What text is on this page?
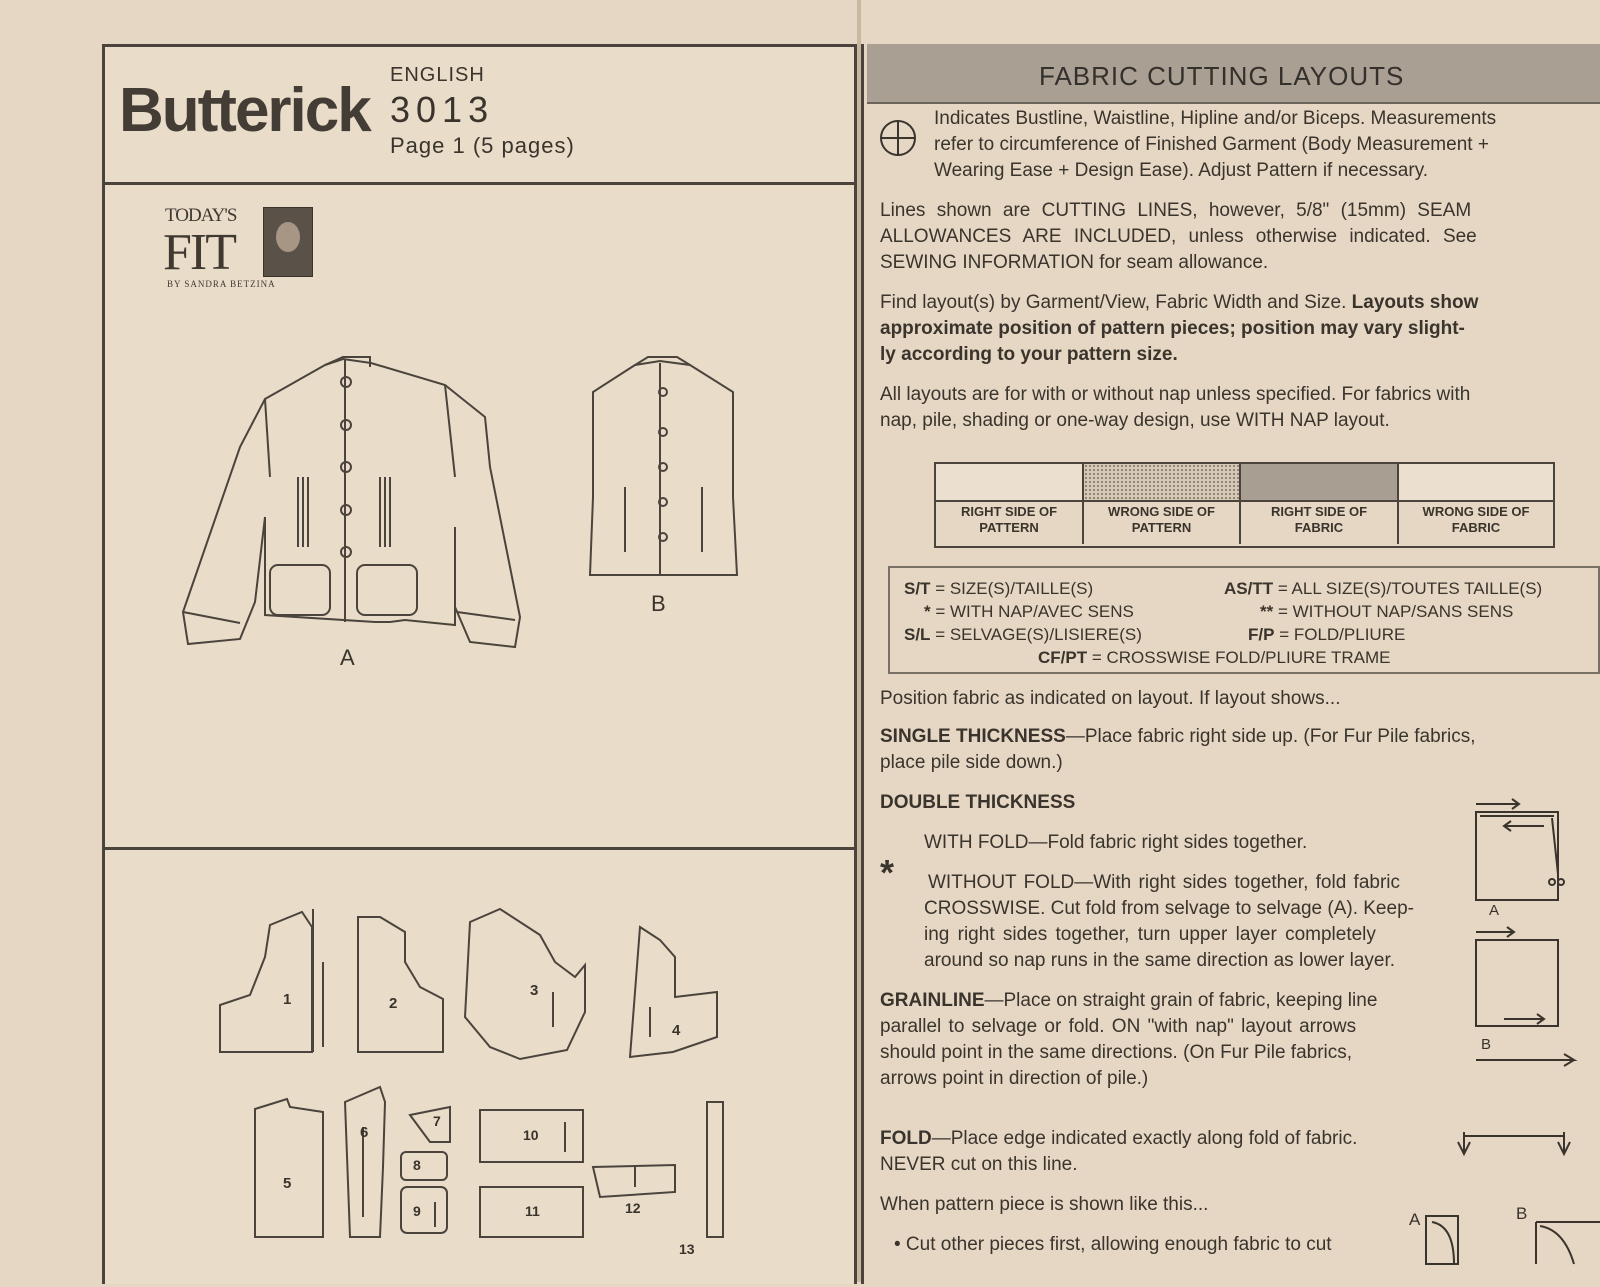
Butterick
ENGLISH
3013
Page 1 (5 pages)
TODAY'S
FIT
BY SANDRA BETZINA
A
B
1	2
3
4
5
6
7
8
9
10
11	12
13
FABRIC CUTTING LAYOUTS
Indicates Bustline, Waistline, Hipline and/or Biceps. Measurements
refer to circumference of Finished Garment (Body Measurement +
Wearing Ease + Design Ease). Adjust Pattern if necessary.
Lines shown are CUTTING LINES, however, 5/8" (15mm) SEAM
ALLOWANCES ARE INCLUDED, unless otherwise indicated. See
SEWING INFORMATION for seam allowance.
Find layout(s) by Garment/View, Fabric Width and Size. Layouts show
approximate position of pattern pieces; position may vary slight-
ly according to your pattern size.
All layouts are for with or without nap unless specified. For fabrics with
nap, pile, shading or one-way design, use WITH NAP layout.
RIGHT SIDE OF
PATTERN
WRONG SIDE OF
PATTERN
RIGHT SIDE OF
FABRIC
WRONG SIDE OF
FABRIC
S/T = SIZE(S)/TAILLE(S)	AS/TT = ALL SIZE(S)/TOUTES TAILLE(S)
* = WITH NAP/AVEC SENS	** = WITHOUT NAP/SANS SENS
S/L = SELVAGE(S)/LISIERE(S)	F/P = FOLD/PLIURE
CF/PT = CROSSWISE FOLD/PLIURE TRAME
Position fabric as indicated on layout. If layout shows...
SINGLE THICKNESS—Place fabric right side up. (For Fur Pile fabrics,
place pile side down.)
DOUBLE THICKNESS
WITH FOLD—Fold fabric right sides together.
* WITHOUT FOLD—With right sides together, fold fabric
CROSSWISE. Cut fold from selvage to selvage (A). Keep-
ing right sides together, turn upper layer completely
around so nap runs in the same direction as lower layer.
GRAINLINE—Place on straight grain of fabric, keeping line
parallel to selvage or fold. ON "with nap" layout arrows
should point in the same directions. (On Fur Pile fabrics,
arrows point in direction of pile.)
FOLD—Place edge indicated exactly along fold of fabric.
NEVER cut on this line.
When pattern piece is shown like this...
• Cut other pieces first, allowing enough fabric to cut
A
B
A	B
